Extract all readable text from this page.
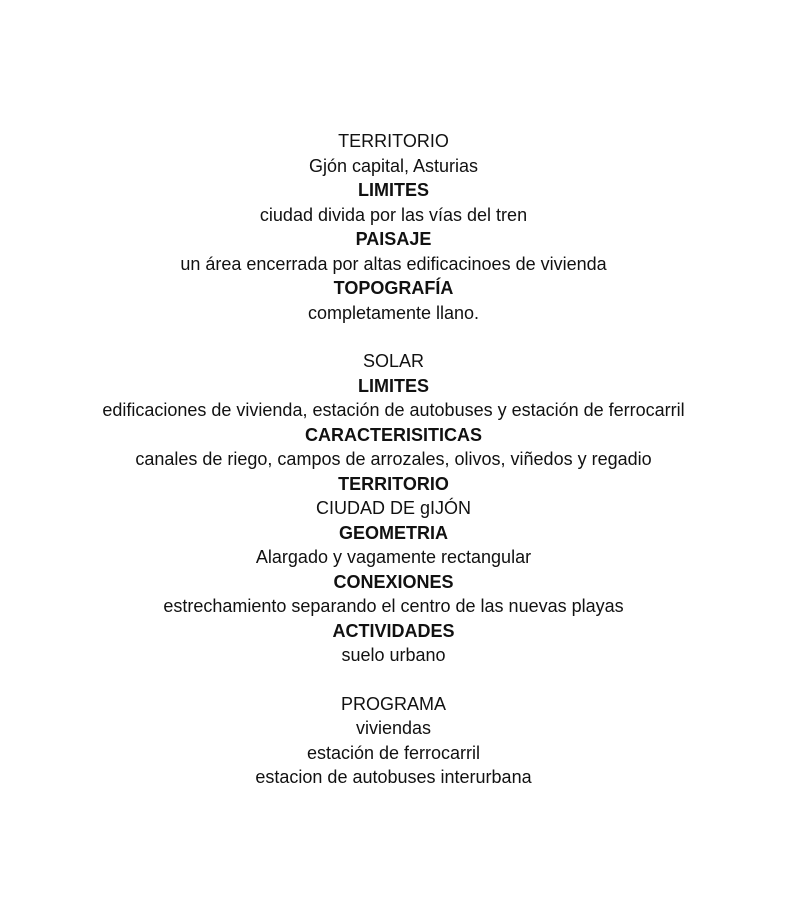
TERRITORIO
Gjón capital, Asturias
LIMITES
ciudad divida por las vías del tren
PAISAJE
un área encerrada por altas edificacinoes de vivienda
TOPOGRAFÍA
completamente llano.
SOLAR
LIMITES
edificaciones de vivienda, estación de autobuses y estación de ferrocarril
CARACTERISITICAS
canales de riego, campos de arrozales, olivos, viñedos y regadio
TERRITORIO
CIUDAD DE gIJÓN
GEOMETRIA
Alargado y vagamente rectangular
CONEXIONES
estrechamiento separando el centro de las nuevas playas
ACTIVIDADES
suelo urbano
PROGRAMA
viviendas
estación de ferrocarril
estacion de autobuses interurbana
